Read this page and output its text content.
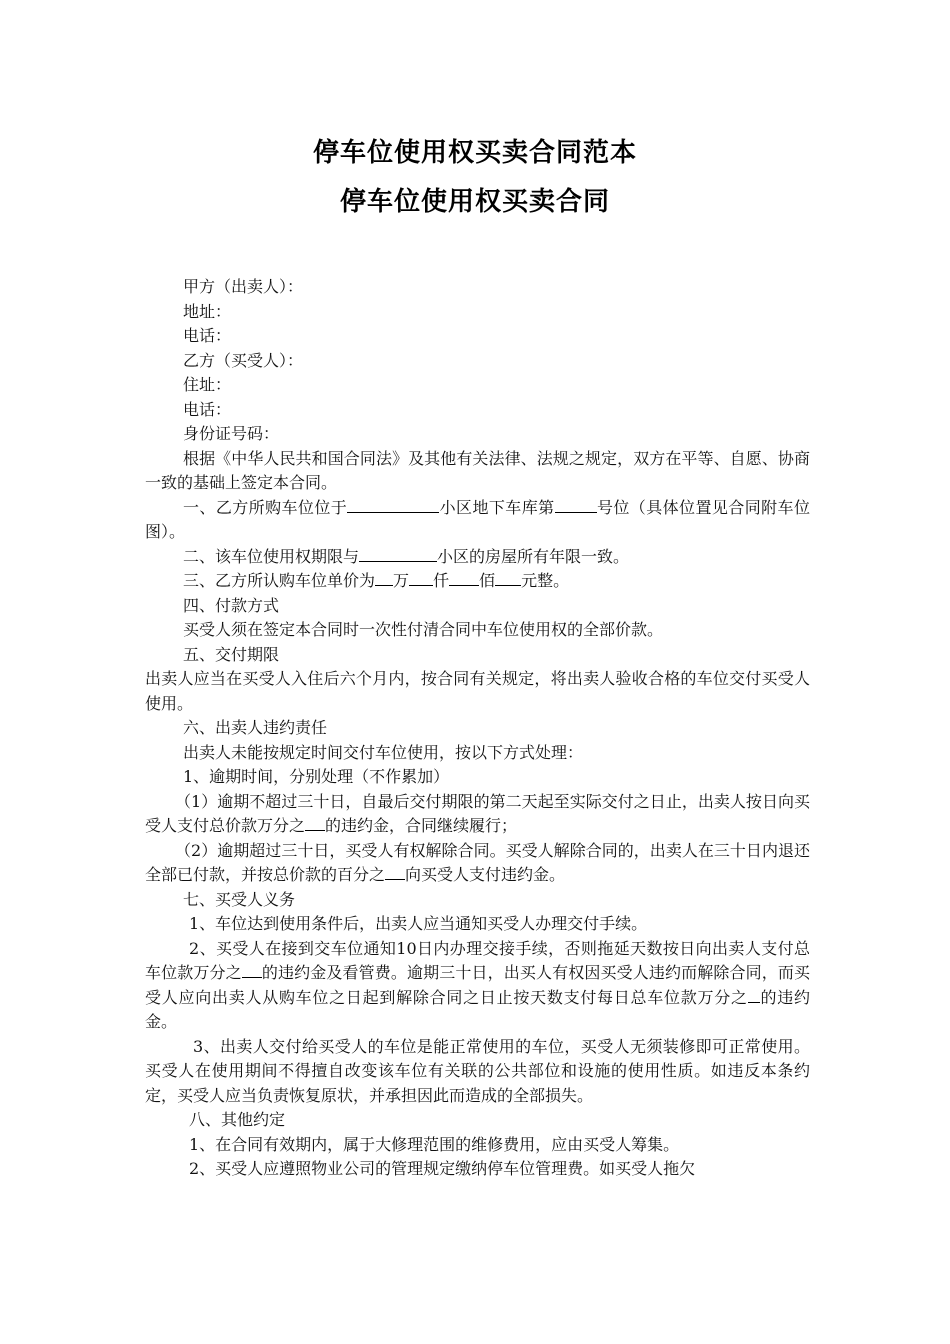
停车位使用权买卖合同范本
停车位使用权买卖合同

甲方（出卖人）：

地址：

电话：

乙方（买受人）：

住址：

电话：

身份证号码：

根据《中华人民共和国合同法》及其他有关法律、法规之规定，双方在平等、自愿、协商一致的基础上签定本合同。

一、乙方所购车位位于	小区地下车库第	号位（具体位置见合同附车位图）。

二、该车位使用权期限与	小区的房屋所有年限一致。

三、乙方所认购车位单价为 万 仟 佰 元整。

四、付款方式

买受人须在签定本合同时一次性付清合同中车位使用权的全部价款。

五、交付期限

出卖人应当在买受人入住后六个月内，按合同有关规定，将出卖人验收合格的车位交付买受人使用。

六、出卖人违约责任

出卖人未能按规定时间交付车位使用，按以下方式处理：

1、逾期时间，分别处理（不作累加）

（1）逾期不超过三十日，自最后交付期限的第二天起至实际交付之日止，出卖人按日向买受人支付总价款万分之 的违约金，合同继续履行；

（2）逾期超过三十日，买受人有权解除合同。买受人解除合同的，出卖人在三十日内退还全部已付款，并按总价款的百分之 向买受人支付违约金。

七、买受人义务

1、车位达到使用条件后，出卖人应当通知买受人办理交付手续。

2、买受人在接到交车位通知10日内办理交接手续，否则拖延天数按日向出卖人支付总车位款万分之 的违约金及看管费。逾期三十日，出买人有权因买受人违约而解除合同，而买受人应向出卖人从购车位之日起到解除合同之日止按天数支付每日总车位款万分之 的违约金。

3、出卖人交付给买受人的车位是能正常使用的车位，买受人无须装修即可正常使用。买受人在使用期间不得擅自改变该车位有关联的公共部位和设施的使用性质。如违反本条约定，买受人应当负责恢复原状，并承担因此而造成的全部损失。

八、其他约定

1、在合同有效期内，属于大修理范围的维修费用，应由买受人筹集。

2、买受人应遵照物业公司的管理规定缴纳停车位管理费。如买受人拖欠
